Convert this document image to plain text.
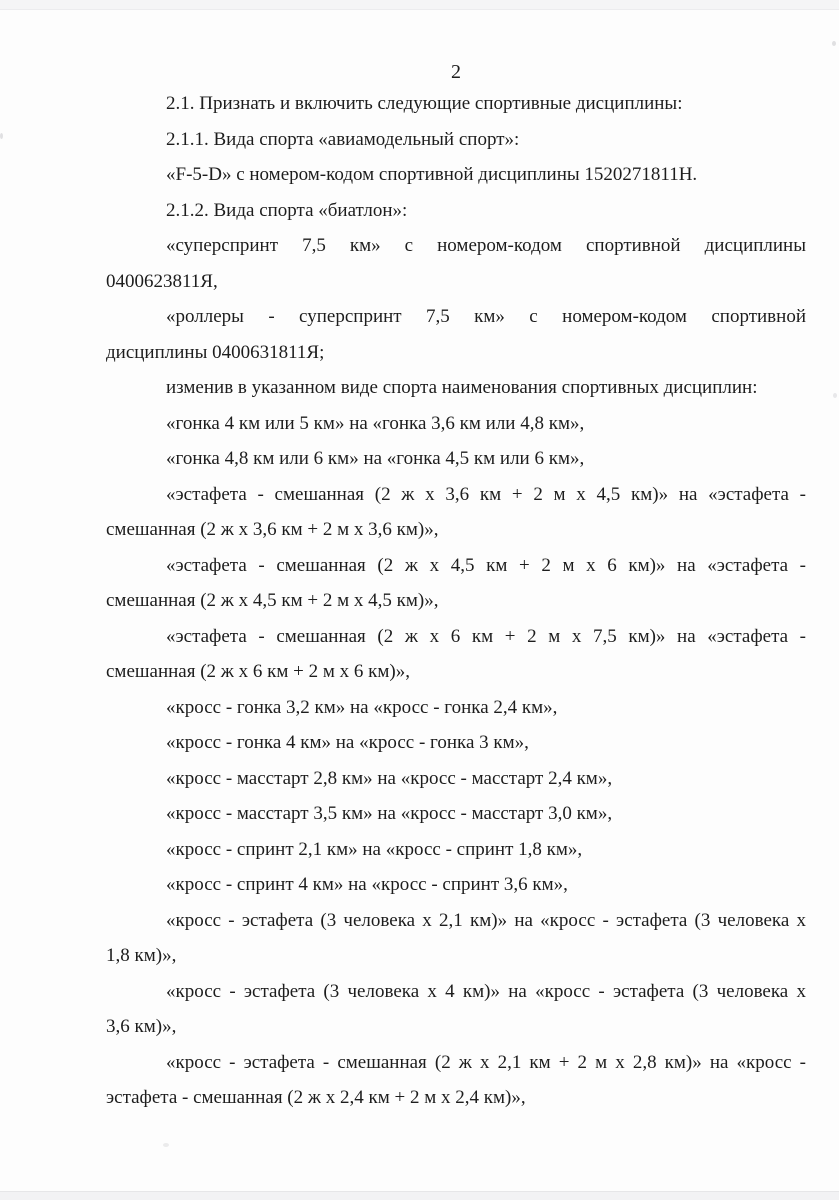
2
2.1. Признать и включить следующие спортивные дисциплины:
2.1.1. Вида спорта «авиамодельный спорт»:
«F-5-D» с номером-кодом спортивной дисциплины 1520271811Н.
2.1.2. Вида спорта «биатлон»:
«суперспринт 7,5 км» с номером-кодом спортивной дисциплины
0400623811Я,
«роллеры - суперспринт 7,5 км» с номером-кодом спортивной
дисциплины 0400631811Я;
изменив в указанном виде спорта наименования спортивных дисциплин:
«гонка 4 км или 5 км» на «гонка 3,6 км или 4,8 км»,
«гонка 4,8 км или 6 км» на «гонка 4,5 км или 6 км»,
«эстафета - смешанная (2 ж х 3,6 км + 2 м х 4,5 км)» на «эстафета -
смешанная (2 ж х 3,6 км + 2 м х 3,6 км)»,
«эстафета - смешанная (2 ж х 4,5 км + 2 м х 6 км)» на «эстафета -
смешанная (2 ж х 4,5 км + 2 м х 4,5 км)»,
«эстафета - смешанная (2 ж х 6 км + 2 м х 7,5 км)» на «эстафета -
смешанная (2 ж х 6 км + 2 м х 6 км)»,
«кросс - гонка 3,2 км» на «кросс - гонка 2,4 км»,
«кросс - гонка 4 км» на «кросс - гонка 3 км»,
«кросс - масстарт 2,8 км» на «кросс - масстарт 2,4 км»,
«кросс - масстарт 3,5 км» на «кросс - масстарт 3,0 км»,
«кросс - спринт 2,1 км» на «кросс - спринт 1,8 км»,
«кросс - спринт 4 км» на «кросс - спринт 3,6 км»,
«кросс - эстафета (3 человека х 2,1 км)» на «кросс - эстафета (3 человека х
1,8 км)»,
«кросс - эстафета (3 человека х 4 км)» на «кросс - эстафета (3 человека х
3,6 км)»,
«кросс - эстафета - смешанная (2 ж х 2,1 км + 2 м х 2,8 км)» на «кросс -
эстафета - смешанная (2 ж х 2,4 км + 2 м х 2,4 км)»,
